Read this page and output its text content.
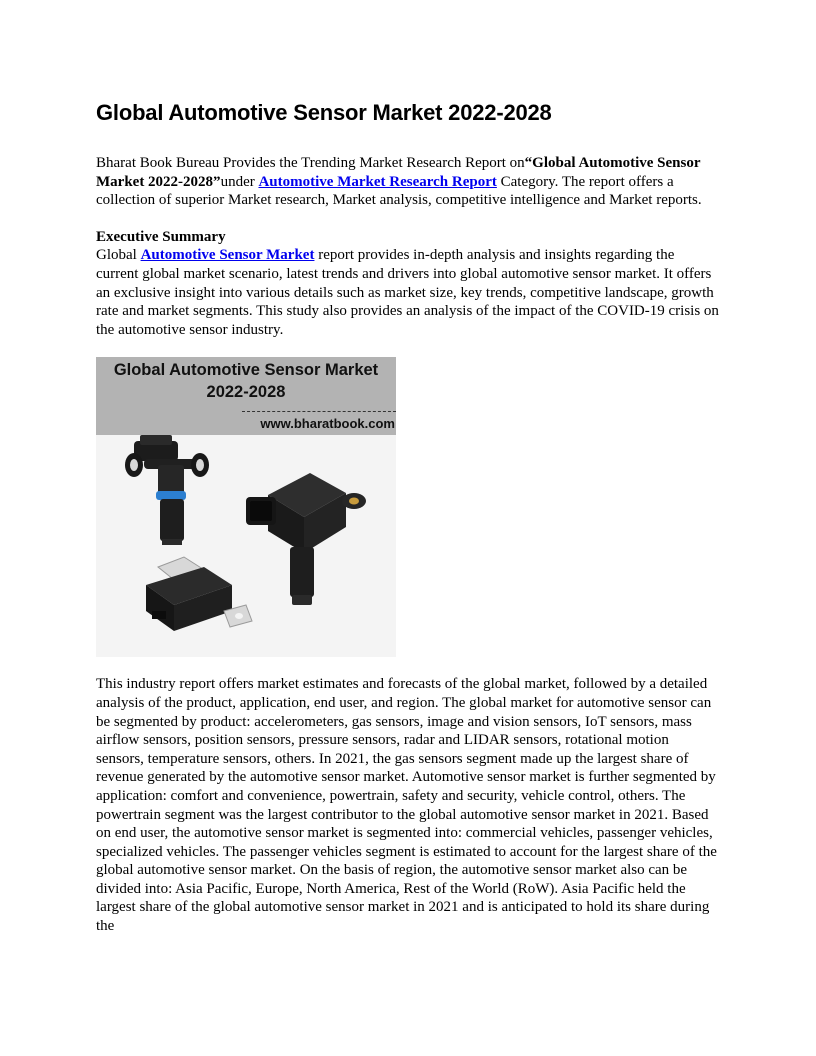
Global Automotive Sensor Market 2022-2028

Bharat Book Bureau Provides the Trending Market Research Report on“Global Automotive Sensor Market 2022-2028”under Automotive Market Research Report Category. The report offers a collection of superior Market research, Market analysis, competitive intelligence and Market reports.

Executive Summary
Global Automotive Sensor Market report provides in-depth analysis and insights regarding the current global market scenario, latest trends and drivers into global automotive sensor market. It offers an exclusive insight into various details such as market size, key trends, competitive landscape, growth rate and market segments. This study also provides an analysis of the impact of the COVID-19 crisis on the automotive sensor industry.

Global Automotive Sensor Market
2022-2028
www.bharatbook.com

This industry report offers market estimates and forecasts of the global market, followed by a detailed analysis of the product, application, end user, and region. The global market for automotive sensor can be segmented by product: accelerometers, gas sensors, image and vision sensors, IoT sensors, mass airflow sensors, position sensors, pressure sensors, radar and LIDAR sensors, rotational motion sensors, temperature sensors, others. In 2021, the gas sensors segment made up the largest share of revenue generated by the automotive sensor market. Automotive sensor market is further segmented by application: comfort and convenience, powertrain, safety and security, vehicle control, others. The powertrain segment was the largest contributor to the global automotive sensor market in 2021. Based on end user, the automotive sensor market is segmented into: commercial vehicles, passenger vehicles, specialized vehicles. The passenger vehicles segment is estimated to account for the largest share of the global automotive sensor market. On the basis of region, the automotive sensor market also can be divided into: Asia Pacific, Europe, North America, Rest of the World (RoW). Asia Pacific held the largest share of the global automotive sensor market in 2021 and is anticipated to hold its share during the
